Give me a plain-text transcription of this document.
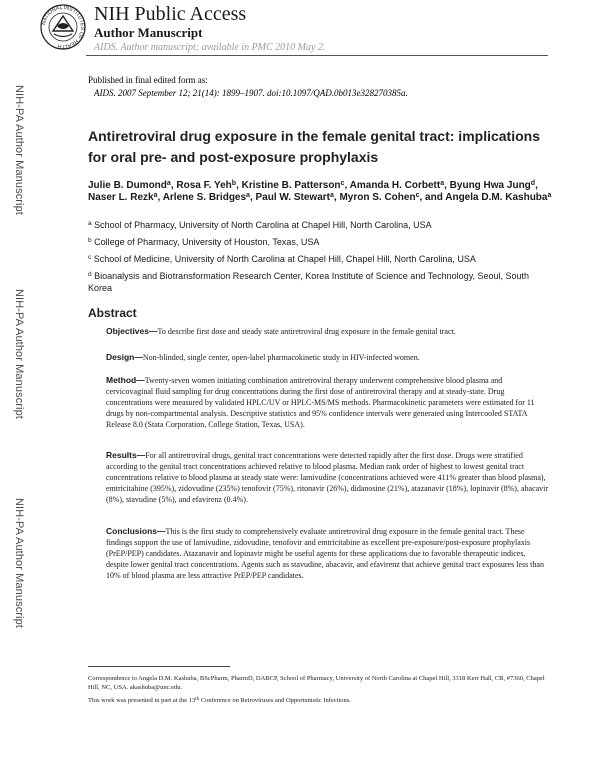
NATIONAL INSTITUTES OF HEALTH
NIH Public Access
Author Manuscript
AIDS. Author manuscript; available in PMC 2010 May 2.
Published in final edited form as:
AIDS. 2007 September 12; 21(14): 1899–1907. doi:10.1097/QAD.0b013e328270385a.
NIH-PA Author Manuscript
NIH-PA Author Manuscript
NIH-PA Author Manuscript
Antiretroviral drug exposure in the female genital tract: implications for oral pre- and post-exposure prophylaxis
Julie B. Dumond$^a$, Rosa F. Yeh$^b$, Kristine B. Patterson$^c$, Amanda H. Corbett$^a$, Byung Hwa Jung$^d$, Naser L. Rezk$^a$, Arlene S. Bridges$^a$, Paul W. Stewart$^a$, Myron S. Cohen$^c$, and Angela D.M. Kashuba$^a$
$^a$ School of Pharmacy, University of North Carolina at Chapel Hill, North Carolina, USA
$^b$ College of Pharmacy, University of Houston, Texas, USA
$^c$ School of Medicine, University of North Carolina at Chapel Hill, Chapel Hill, North Carolina, USA
$^d$ Bioanalysis and Biotransformation Research Center, Korea Institute of Science and Technology, Seoul, South Korea
Abstract
Objectives—To describe first dose and steady state antiretroviral drug exposure in the female genital tract.
Design—Non-blinded, single center, open-label pharmacokinetic study in HIV-infected women.
Method—Twenty-seven women initiating combination antiretroviral therapy underwent comprehensive blood plasma and cervicovaginal fluid sampling for drug concentrations during the first dose of antiretroviral therapy and at steady-state. Drug concentrations were measured by validated HPLC/UV or HPLC-MS/MS methods. Pharmacokinetic parameters were estimated for 11 drugs by non-compartmental analysis. Descriptive statistics and 95% confidence intervals were generated using Intercooled STATA Release 8.0 (Stata Corporation, College Station, Texas, USA).
Results—For all antiretroviral drugs, genital tract concentrations were detected rapidly after the first dose. Drugs were stratified according to the genital tract concentrations achieved relative to blood plasma. Median rank order of highest to lowest genital tract concentrations relative to blood plasma at steady state were: lamivudine (concentrations achieved were 411% greater than blood plasma), emtricitabine (395%), zidovudine (235%) tenofovir (75%), ritonavir (26%), didanosine (21%), atazanavir (18%), lopinavir (8%), abacavir (8%), stavudine (5%), and efavirenz (0.4%).
Conclusions—This is the first study to comprehensively evaluate antiretroviral drug exposure in the female genital tract. These findings support the use of lamivudine, zidovudine, tenofovir and emtricitabine as excellent pre-exposure/post-exposure prophylaxis (PrEP/PEP) candidates. Atazanavir and lopinavir might be useful agents for these applications due to favorable therapeutic indices, despite lower genital tract concentrations. Agents such as stavudine, abacavir, and efavirenz that achieve genital tract exposures less than 10% of blood plasma are less attractive PrEP/PEP candidates.
Correspondence to Angela D.M. Kashuba, BScPharm, PharmD, DABCP, School of Pharmacy, University of North Carolina at Chapel Hill, 3318 Kerr Hall, CB, #7360, Chapel Hill, NC, USA. akashuba@unc.edu.
This work was presented in part at the 13th Conference on Retroviruses and Opportunistic Infections.
